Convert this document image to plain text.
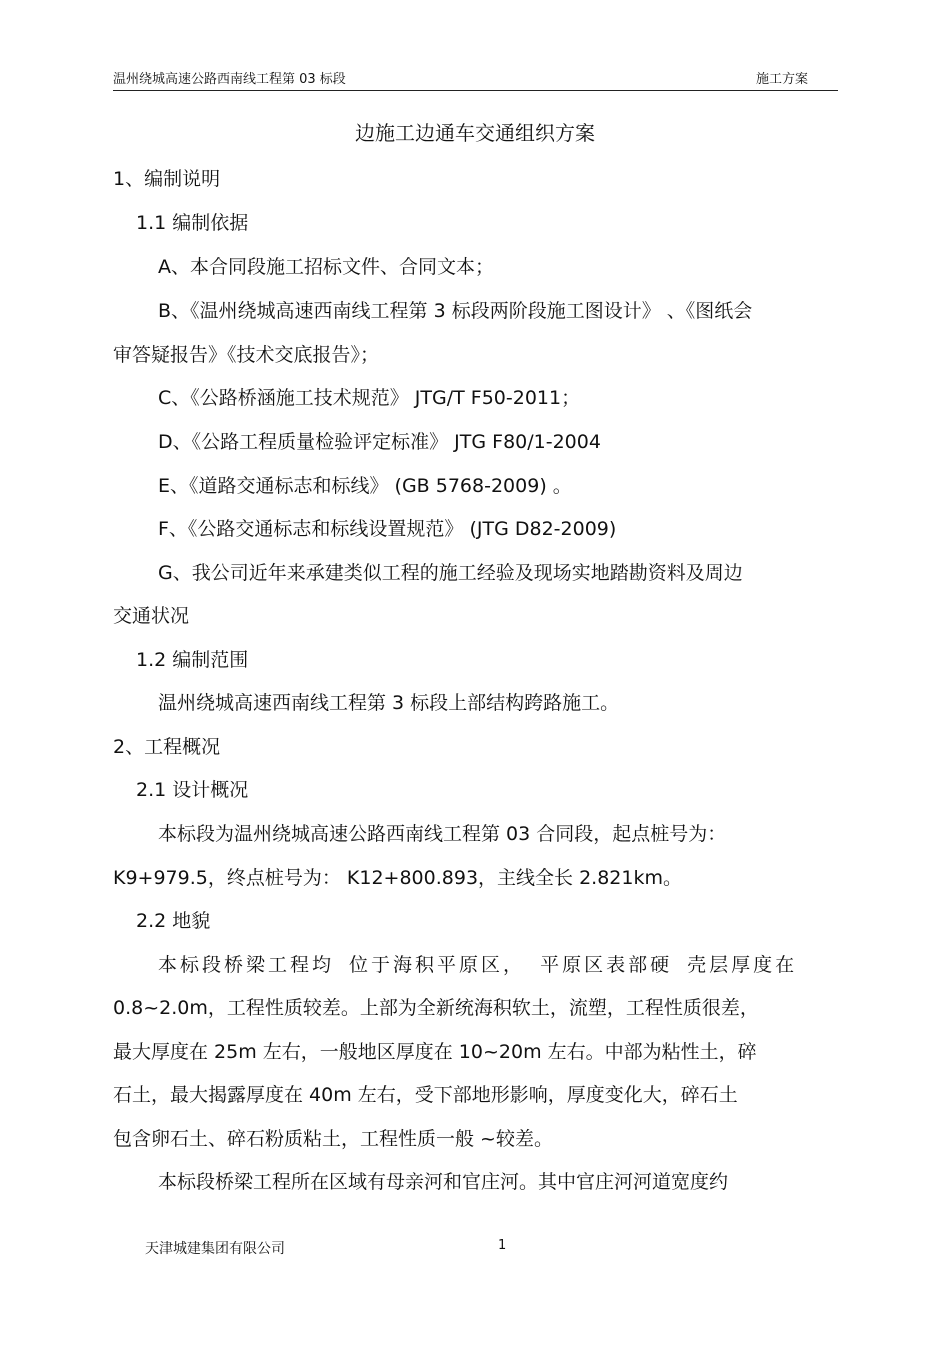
温州绕城高速公路西南线工程第 03 标段	施工方案
边施工边通车交通组织方案
1、编制说明
1.1 编制依据
A、本合同段施工招标文件、合同文本；
B、《温州绕城高速西南线工程第 3 标段两阶段施工图设计》 、《图纸会
审答疑报告》《技术交底报告》；
C、《公路桥涵施工技术规范》 JTG/T F50-2011；
D、《公路工程质量检验评定标准》 JTG F80/1-2004
E、《道路交通标志和标线》 (GB 5768-2009) 。
F、《公路交通标志和标线设置规范》 (JTG D82-2009)
G、我公司近年来承建类似工程的施工经验及现场实地踏勘资料及周边
交通状况
1.2 编制范围
温州绕城高速西南线工程第 3 标段上部结构跨路施工。
2、工程概况
2.1 设计概况
本标段为温州绕城高速公路西南线工程第 03 合同段，起点桩号为：
K9+979.5，终点桩号为： K12+800.893，主线全长 2.821km。
2.2 地貌
本标段桥梁工程均 位于海积平原区， 平原区表部硬 壳层厚度在
0.8~2.0m，工程性质较差。上部为全新统海积软土，流塑，工程性质很差，
最大厚度在 25m 左右，一般地区厚度在 10~20m 左右。中部为粘性土，碎
石土，最大揭露厚度在 40m 左右，受下部地形影响，厚度变化大，碎石土
包含卵石土、碎石粉质粘土，工程性质一般 ~较差。
本标段桥梁工程所在区域有母亲河和官庄河。其中官庄河河道宽度约
天津城建集团有限公司	1
